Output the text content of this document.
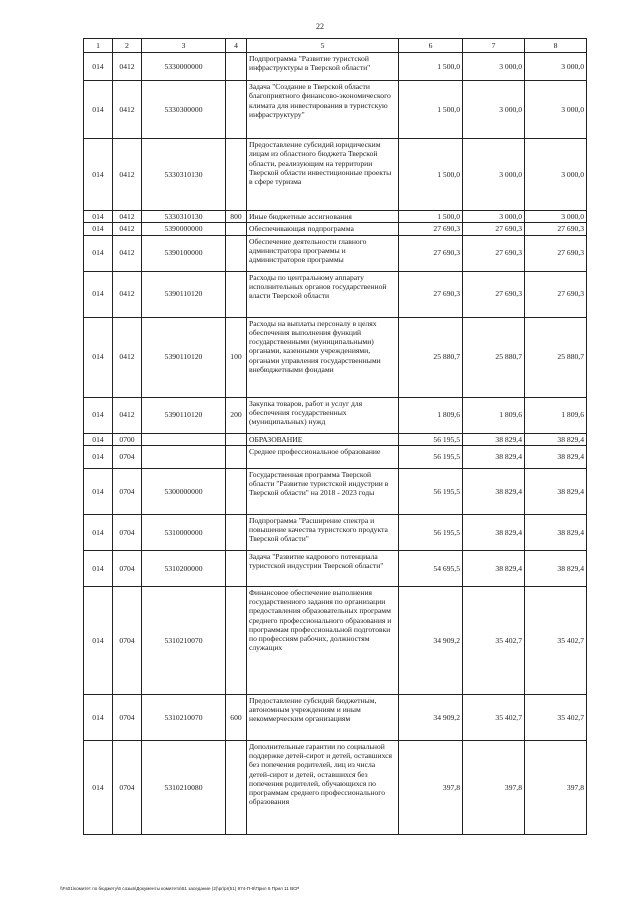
22
1	2	3	4	5	6	7	8
014	0412	5330000000		Подпрограмма "Развитие туристской инфраструктуры в Тверской области"	1 500,0	3 000,0	3 000,0
014	0412	5330300000		Задача "Создание в Тверской области благоприятного финансово-экономического климата для инвестирования в туристскую инфраструктуру"	1 500,0	3 000,0	3 000,0
014	0412	5330310130		Предоставление субсидий юридическим лицам из областного бюджета Тверской области, реализующим на территории Тверской области инвестиционные проекты в сфере туризма	1 500,0	3 000,0	3 000,0
014	0412	5330310130	800	Иные бюджетные ассигнования	1 500,0	3 000,0	3 000,0
014	0412	5390000000		Обеспечивающая подпрограмма	27 690,3	27 690,3	27 690,3
014	0412	5390100000		Обеспечение деятельности главного администратора программы и администраторов программы	27 690,3	27 690,3	27 690,3
014	0412	5390110120		Расходы по центральному аппарату исполнительных органов государственной власти Тверской области	27 690,3	27 690,3	27 690,3
014	0412	5390110120	100	Расходы на выплаты персоналу в целях обеспечения выполнения функций государственными (муниципальными) органами, казенными учреждениями, органами управления государственными внебюджетными фондами	25 880,7	25 880,7	25 880,7
014	0412	5390110120	200	Закупка товаров, работ и услуг для обеспечения государственных (муниципальных) нужд	1 809,6	1 809,6	1 809,6
014	0700			ОБРАЗОВАНИЕ	56 195,5	38 829,4	38 829,4
014	0704			Среднее профессиональное образование	56 195,5	38 829,4	38 829,4
014	0704	5300000000		Государственная программа Тверской области "Развитие туристской индустрии в Тверской области" на 2018 - 2023 годы	56 195,5	38 829,4	38 829,4
014	0704	5310000000		Подпрограмма "Расширение спектра и повышение качества туристского продукта Тверской области"	56 195,5	38 829,4	38 829,4
014	0704	5310200000		Задача "Развитие кадрового потенциала туристской индустрии Тверской области"	54 695,5	38 829,4	38 829,4
014	0704	5310210070		Финансовое обеспечение выполнения государственного задания по организации предоставления образовательных программ среднего профессионального образования и программам профессиональной подготовки по профессиям рабочих, должностям служащих	34 909,2	35 402,7	35 402,7
014	0704	5310210070	600	Предоставление субсидий бюджетным, автономным учреждениям и иным некоммерческим организациям	34 909,2	35 402,7	35 402,7
014	0704	5310210080		Дополнительные гарантии по социальной поддержке детей-сирот и детей, оставшихся без попечения родителей, лиц из числа детей-сирот и детей, оставшихся без попечения родителей, обучающихся по программам среднего профессионального образования	397,8	397,8	397,8
\\Fs01\комитет по бюджету\6 созыв\Документы комитета\51 заседание (2)\pr\pr(51) 974-П-6\Прил 6 Прил 11 ВСР
